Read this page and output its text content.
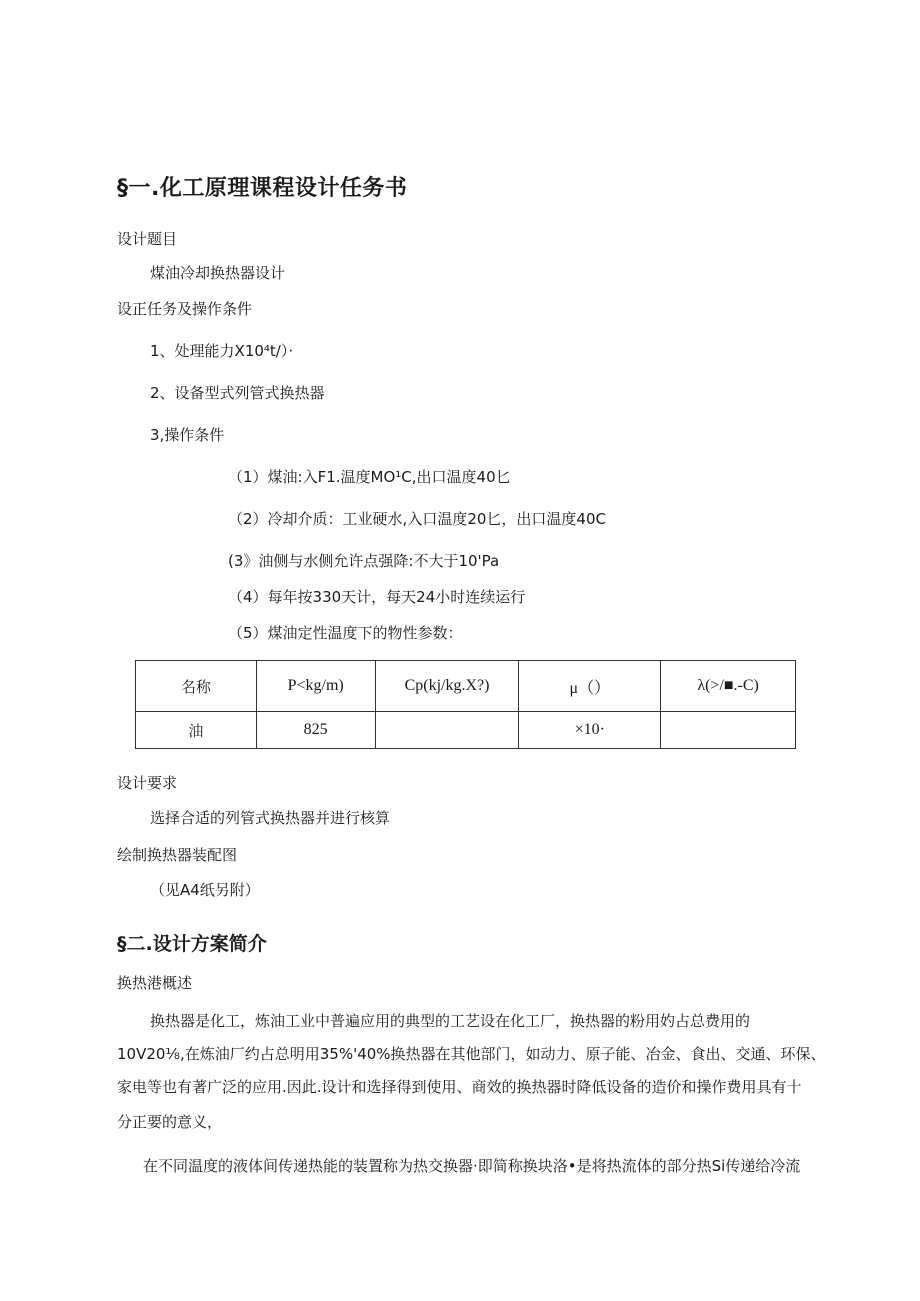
§一.化工原理课程设计任务书
设计题目
煤油冷却换热器设计
设正任务及操作条件
1、处理能力X10⁴t/）·
2、设备型式列管式换热器
3,操作条件
（1）煤油:入F1.温度MO¹C,出口温度40匕
（2）冷却介质：工业硬水,入口温度20匕，出口温度40C
(3》油侧与水侧允许点强降:不大于10'Pa
（4）每年按330天计，每天24小时连续运行
（5）煤油定性温度下的物性参数：
名称	P<kg/m)	Cp(kj/kg.X?)	μ（）	λ(>/■.-C)
油	825		×10·	
设计要求
选择合适的列管式换热器并进行核算
绘制换热器装配图
（见A4纸另附）
§二.设计方案简介
换热港概述
换热器是化工，炼油工业中普遍应用的典型的工艺设在化工厂，换热器的粉用妁占总费用的
10V20⅛,在炼油厂约占总明用35%'40%换热器在其他部门，如动力、原子能、冶金、食出、交通、环保、
家电等也有著广泛的应用.因此.设计和选择得到使用、商效的换热器时降低设备的造价和操作费用具有十
分正要的意义，
在不同温度的液体间传递热能的装置称为热交换器·即简称换块洛•是将热流体的部分热Si传递给冷流
